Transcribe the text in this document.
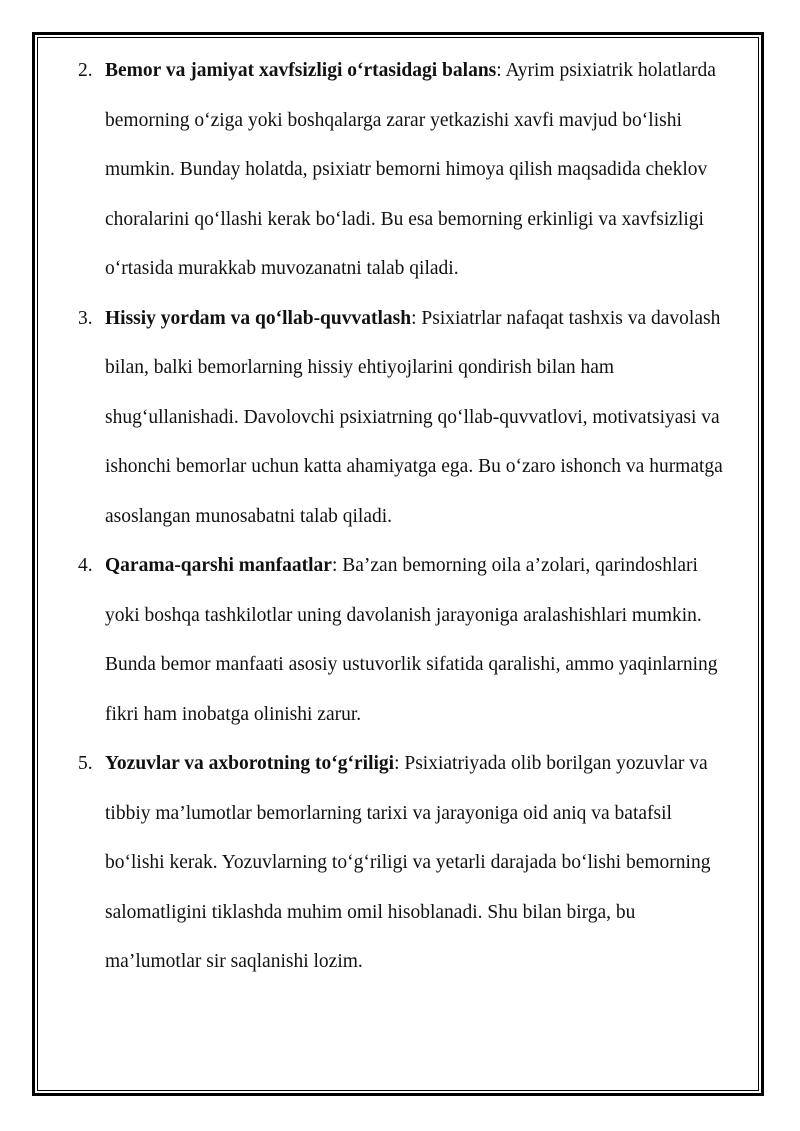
2. Bemor va jamiyat xavfsizligi o‘rtasidagi balans: Ayrim psixiatrik holatlarda bemorning o‘ziga yoki boshqalarga zarar yetkazishi xavfi mavjud bo‘lishi mumkin. Bunday holatda, psixiatr bemorni himoya qilish maqsadida cheklov choralarini qo‘llashi kerak bo‘ladi. Bu esa bemorning erkinligi va xavfsizligi o‘rtasida murakkab muvozanatni talab qiladi.
3. Hissiy yordam va qo‘llab-quvvatlash: Psixiatrlar nafaqat tashxis va davolash bilan, balki bemorlarning hissiy ehtiyojlarini qondirish bilan ham shug‘ullanishadi. Davolovchi psixiatrning qo‘llab-quvvatlovi, motivatsiyasi va ishonchi bemorlar uchun katta ahamiyatga ega. Bu o‘zaro ishonch va hurmatga asoslangan munosabatni talab qiladi.
4. Qarama-qarshi manfaatlar: Ba’zan bemorning oila a’zolari, qarindoshlari yoki boshqa tashkilotlar uning davolanish jarayoniga aralashishlari mumkin. Bunda bemor manfaati asosiy ustuvorlik sifatida qaralishi, ammo yaqinlarning fikri ham inobatga olinishi zarur.
5. Yozuvlar va axborotning to‘g‘riligi: Psixiatriyada olib borilgan yozuvlar va tibbiy ma’lumotlar bemorlarning tarixi va jarayoniga oid aniq va batafsil bo‘lishi kerak. Yozuvlarning to‘g‘riligi va yetarli darajada bo‘lishi bemorning salomatligini tiklashda muhim omil hisoblanadi. Shu bilan birga, bu ma’lumotlar sir saqlanishi lozim.
